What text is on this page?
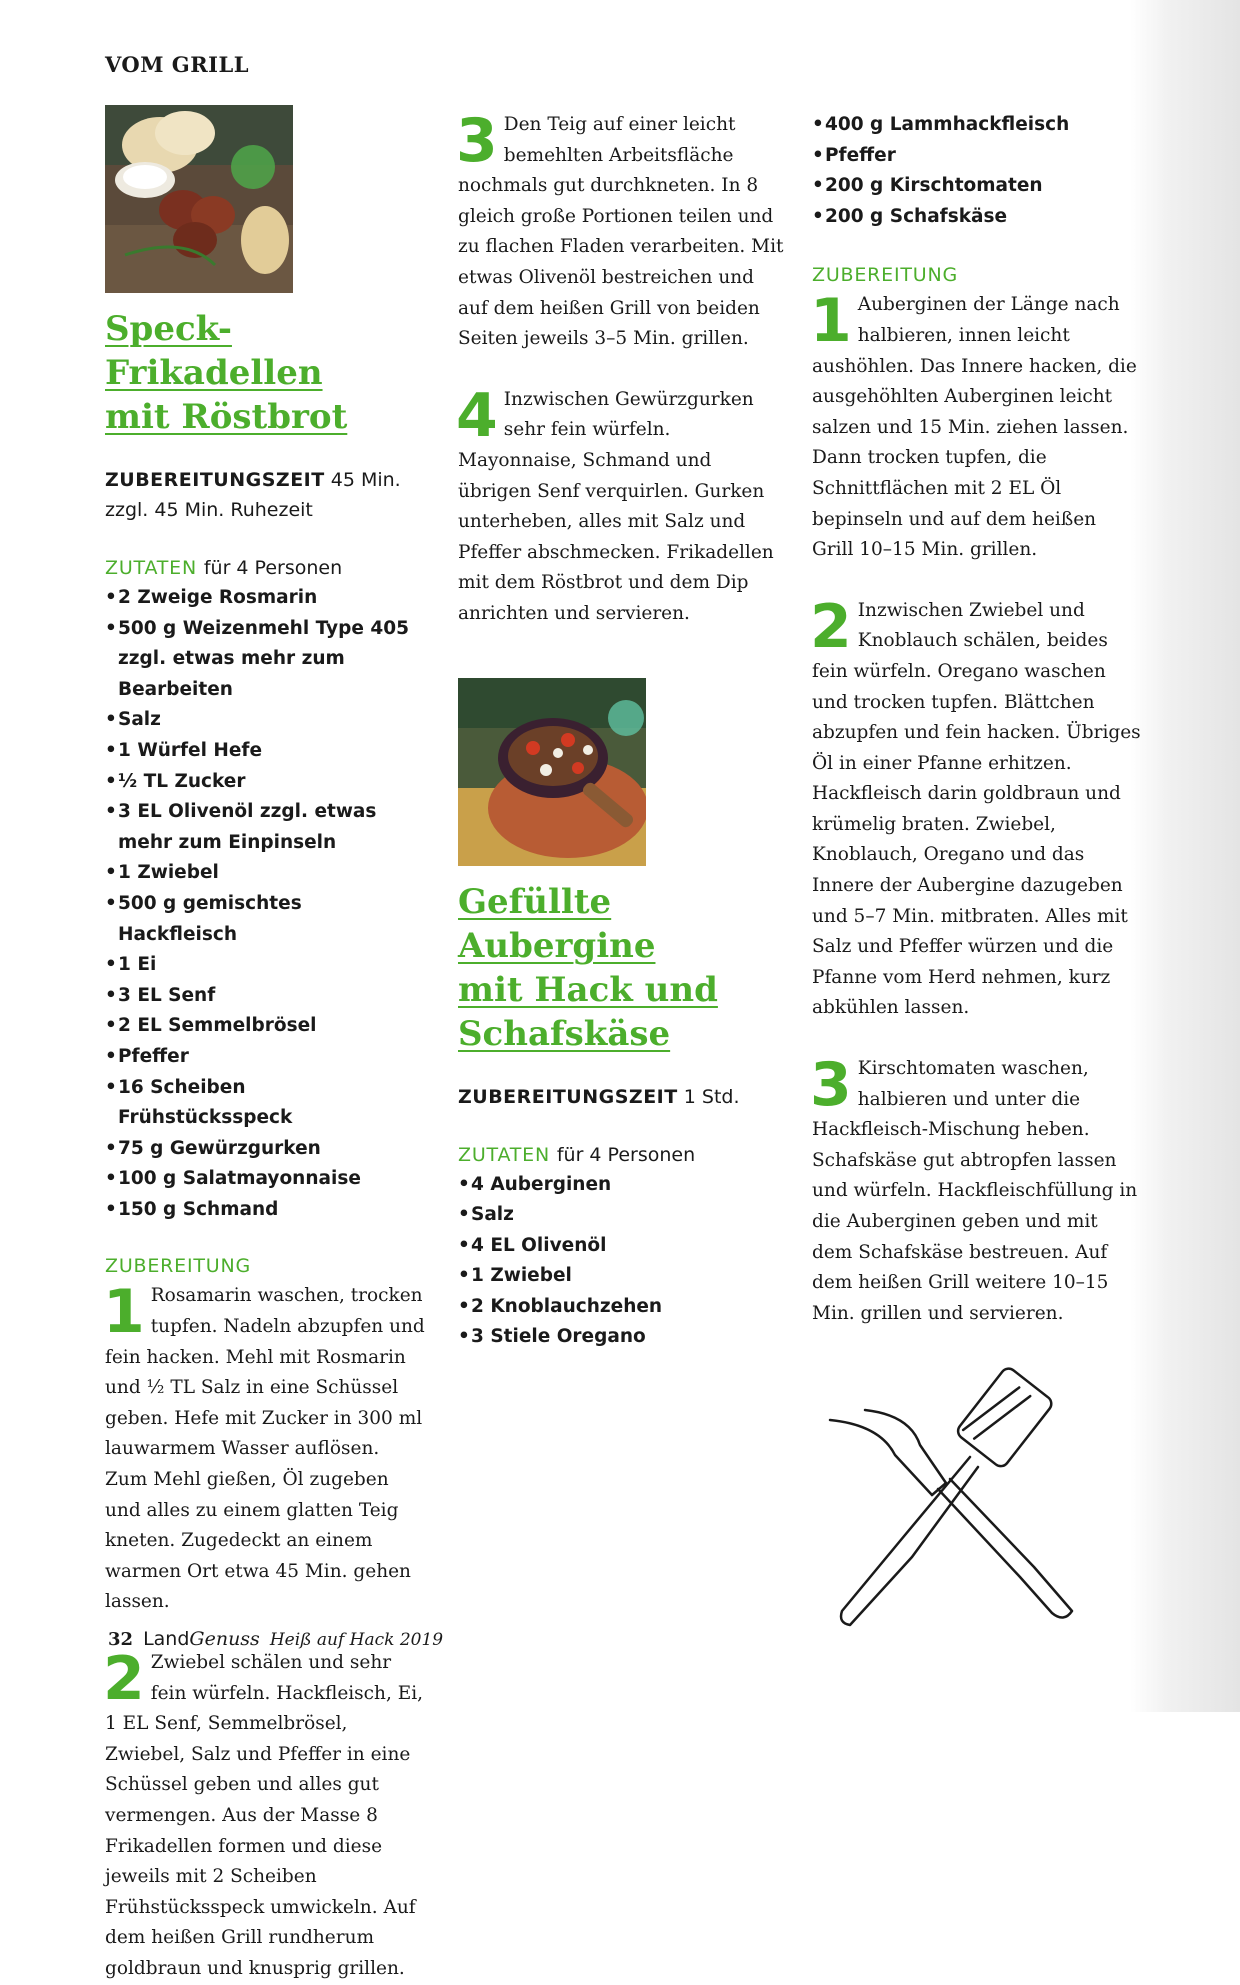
VOM GRILL
Speck-Frikadellen
mit Röstbrot

ZUBEREITUNGSZEIT 45 Min.
zzgl. 45 Min. Ruhezeit

ZUTATEN für 4 Personen
• 2 Zweige Rosmarin
• 500 g Weizenmehl Type 405 zzgl. etwas mehr zum Bearbeiten
• Salz
• 1 Würfel Hefe
• ½ TL Zucker
• 3 EL Olivenöl zzgl. etwas mehr zum Einpinseln
• 1 Zwiebel
• 500 g gemischtes Hackfleisch
• 1 Ei
• 3 EL Senf
• 2 EL Semmelbrösel
• Pfeffer
• 16 Scheiben Frühstücksspeck
• 75 g Gewürzgurken
• 100 g Salatmayonnaise
• 150 g Schmand
ZUBEREITUNG

1 Rosamarin waschen, trocken tupfen. Nadeln abzupfen und fein hacken. Mehl mit Rosmarin und ½ TL Salz in eine Schüssel geben. Hefe mit Zucker in 300 ml lauwarmem Wasser auflösen. Zum Mehl gießen, Öl zugeben und alles zu einem glatten Teig kneten. Zugedeckt an einem warmen Ort etwa 45 Min. gehen lassen.

2 Zwiebel schälen und sehr fein würfeln. Hackfleisch, Ei, 1 EL Senf, Semmelbrösel, Zwiebel, Salz und Pfeffer in eine Schüssel geben und alles gut vermengen. Aus der Masse 8 Frikadellen formen und diese jeweils mit 2 Scheiben Frühstücksspeck umwickeln. Auf dem heißen Grill rundherum goldbraun und knusprig grillen.

3 Den Teig auf einer leicht bemehlten Arbeitsfläche nochmals gut durchkneten. In 8 gleich große Portionen teilen und zu flachen Fladen verarbeiten. Mit etwas Olivenöl bestreichen und auf dem heißen Grill von beiden Seiten jeweils 3–5 Min. grillen.

4 Inzwischen Gewürzgurken sehr fein würfeln. Mayonnaise, Schmand und übrigen Senf verquirlen. Gurken unterheben, alles mit Salz und Pfeffer abschmecken. Frikadellen mit dem Röstbrot und dem Dip anrichten und servieren.

Gefüllte
Aubergine
mit Hack und
Schafskäse

ZUBEREITUNGSZEIT 1 Std.

ZUTATEN für 4 Personen
• 4 Auberginen
• Salz
• 4 EL Olivenöl
• 1 Zwiebel
• 2 Knoblauchzehen
• 3 Stiele Oregano
• 400 g Lammhackfleisch
• Pfeffer
• 200 g Kirschtomaten
• 200 g Schafskäse
ZUBEREITUNG

1 Auberginen der Länge nach halbieren, innen leicht aushöhlen. Das Innere hacken, die ausgehöhlten Auberginen leicht salzen und 15 Min. ziehen lassen. Dann trocken tupfen, die Schnittflächen mit 2 EL Öl bepinseln und auf dem heißen Grill 10–15 Min. grillen.

2 Inzwischen Zwiebel und Knoblauch schälen, beides fein würfeln. Oregano waschen und trocken tupfen. Blättchen abzupfen und fein hacken. Übriges Öl in einer Pfanne erhitzen. Hackfleisch darin goldbraun und krümelig braten. Zwiebel, Knoblauch, Oregano und das Innere der Aubergine dazugeben und 5–7 Min. mitbraten. Alles mit Salz und Pfeffer würzen und die Pfanne vom Herd nehmen, kurz abkühlen lassen.

3 Kirschtomaten waschen, halbieren und unter die Hackfleisch-Mischung heben. Schafskäse gut abtropfen lassen und würfeln. Hackfleischfüllung in die Auberginen geben und mit dem Schafskäse bestreuen. Auf dem heißen Grill weitere 10–15 Min. grillen und servieren.

32 LandGenuss Heiß auf Hack 2019
